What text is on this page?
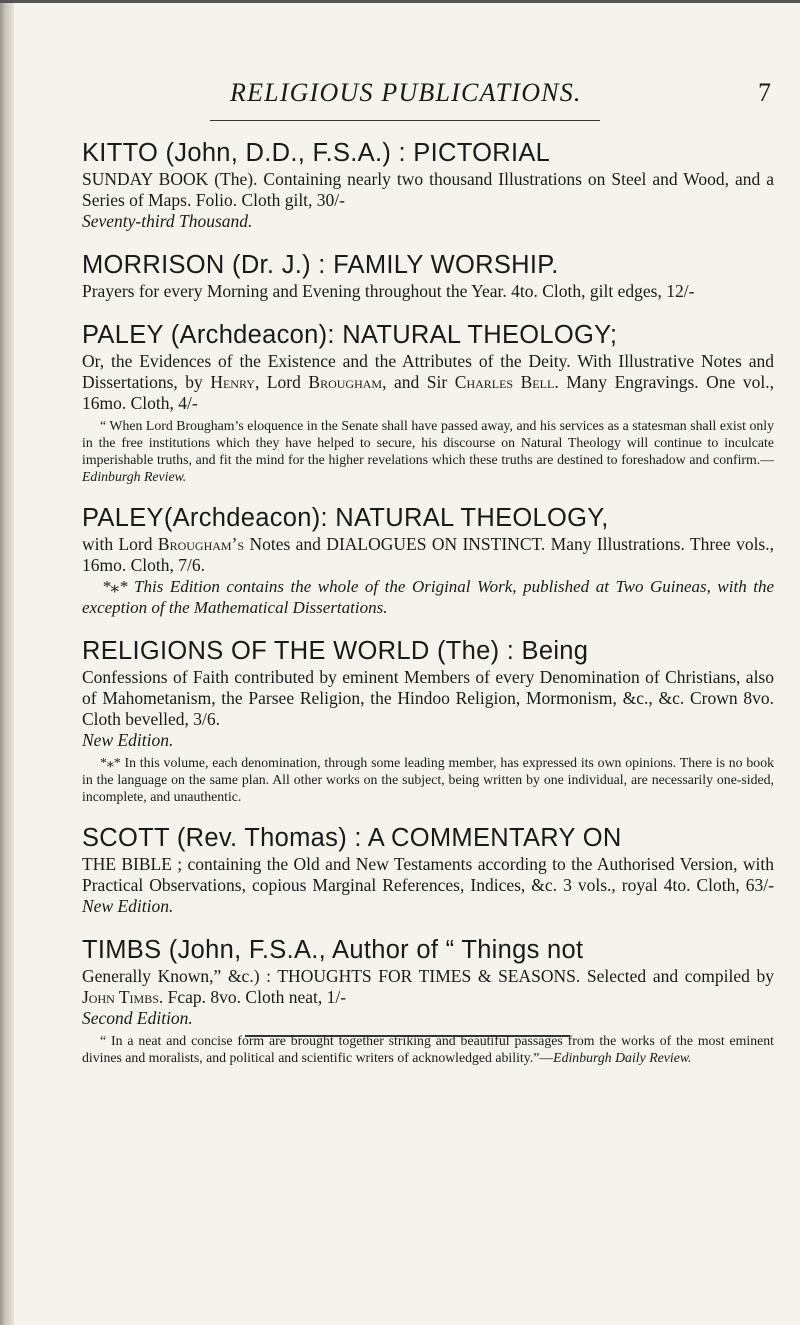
RELIGIOUS PUBLICATIONS.	7
KITTO (John, D.D., F.S.A.) : PICTORIAL
SUNDAY BOOK (The). Containing nearly two thousand Illustrations on Steel and Wood, and a Series of Maps. Folio. Cloth gilt, 30/-
Seventy-third Thousand.
MORRISON (Dr. J.) : FAMILY WORSHIP.
Prayers for every Morning and Evening throughout the Year. 4to. Cloth, gilt edges, 12/-
PALEY (Archdeacon): NATURAL THEOLOGY;
Or, the Evidences of the Existence and the Attributes of the Deity. With Illustrative Notes and Dissertations, by Henry, Lord Brougham, and Sir Charles Bell. Many Engravings. One vol., 16mo. Cloth, 4/-
“ When Lord Brougham’s eloquence in the Senate shall have passed away, and his services as a statesman shall exist only in the free institutions which they have helped to secure, his discourse on Natural Theology will continue to inculcate imperishable truths, and fit the mind for the higher revelations which these truths are destined to foreshadow and confirm.—Edinburgh Review.
PALEY(Archdeacon): NATURAL THEOLOGY,
with Lord Brougham’s Notes and DIALOGUES ON INSTINCT. Many Illustrations. Three vols., 16mo. Cloth, 7/6.
*⁎* This Edition contains the whole of the Original Work, published at Two Guineas, with the exception of the Mathematical Dissertations.
RELIGIONS OF THE WORLD (The) : Being
Confessions of Faith contributed by eminent Members of every Denomination of Christians, also of Mahometanism, the Parsee Religion, the Hindoo Religion, Mormonism, &c., &c. Crown 8vo. Cloth bevelled, 3/6.
New Edition.
*⁎* In this volume, each denomination, through some leading member, has expressed its own opinions. There is no book in the language on the same plan. All other works on the subject, being written by one individual, are necessarily one-sided, incomplete, and unauthentic.
SCOTT (Rev. Thomas) : A COMMENTARY ON
THE BIBLE ; containing the Old and New Testaments according to the Authorised Version, with Practical Observations, copious Marginal References, Indices, &c. 3 vols., royal 4to. Cloth, 63/- New Edition.
TIMBS (John, F.S.A., Author of “ Things not
Generally Known,” &c.) : THOUGHTS FOR TIMES & SEASONS. Selected and compiled by John Timbs. Fcap. 8vo. Cloth neat, 1/-
Second Edition.
“ In a neat and concise form are brought together striking and beautiful passages from the works of the most eminent divines and moralists, and political and scientific writers of acknowledged ability.”—Edinburgh Daily Review.
